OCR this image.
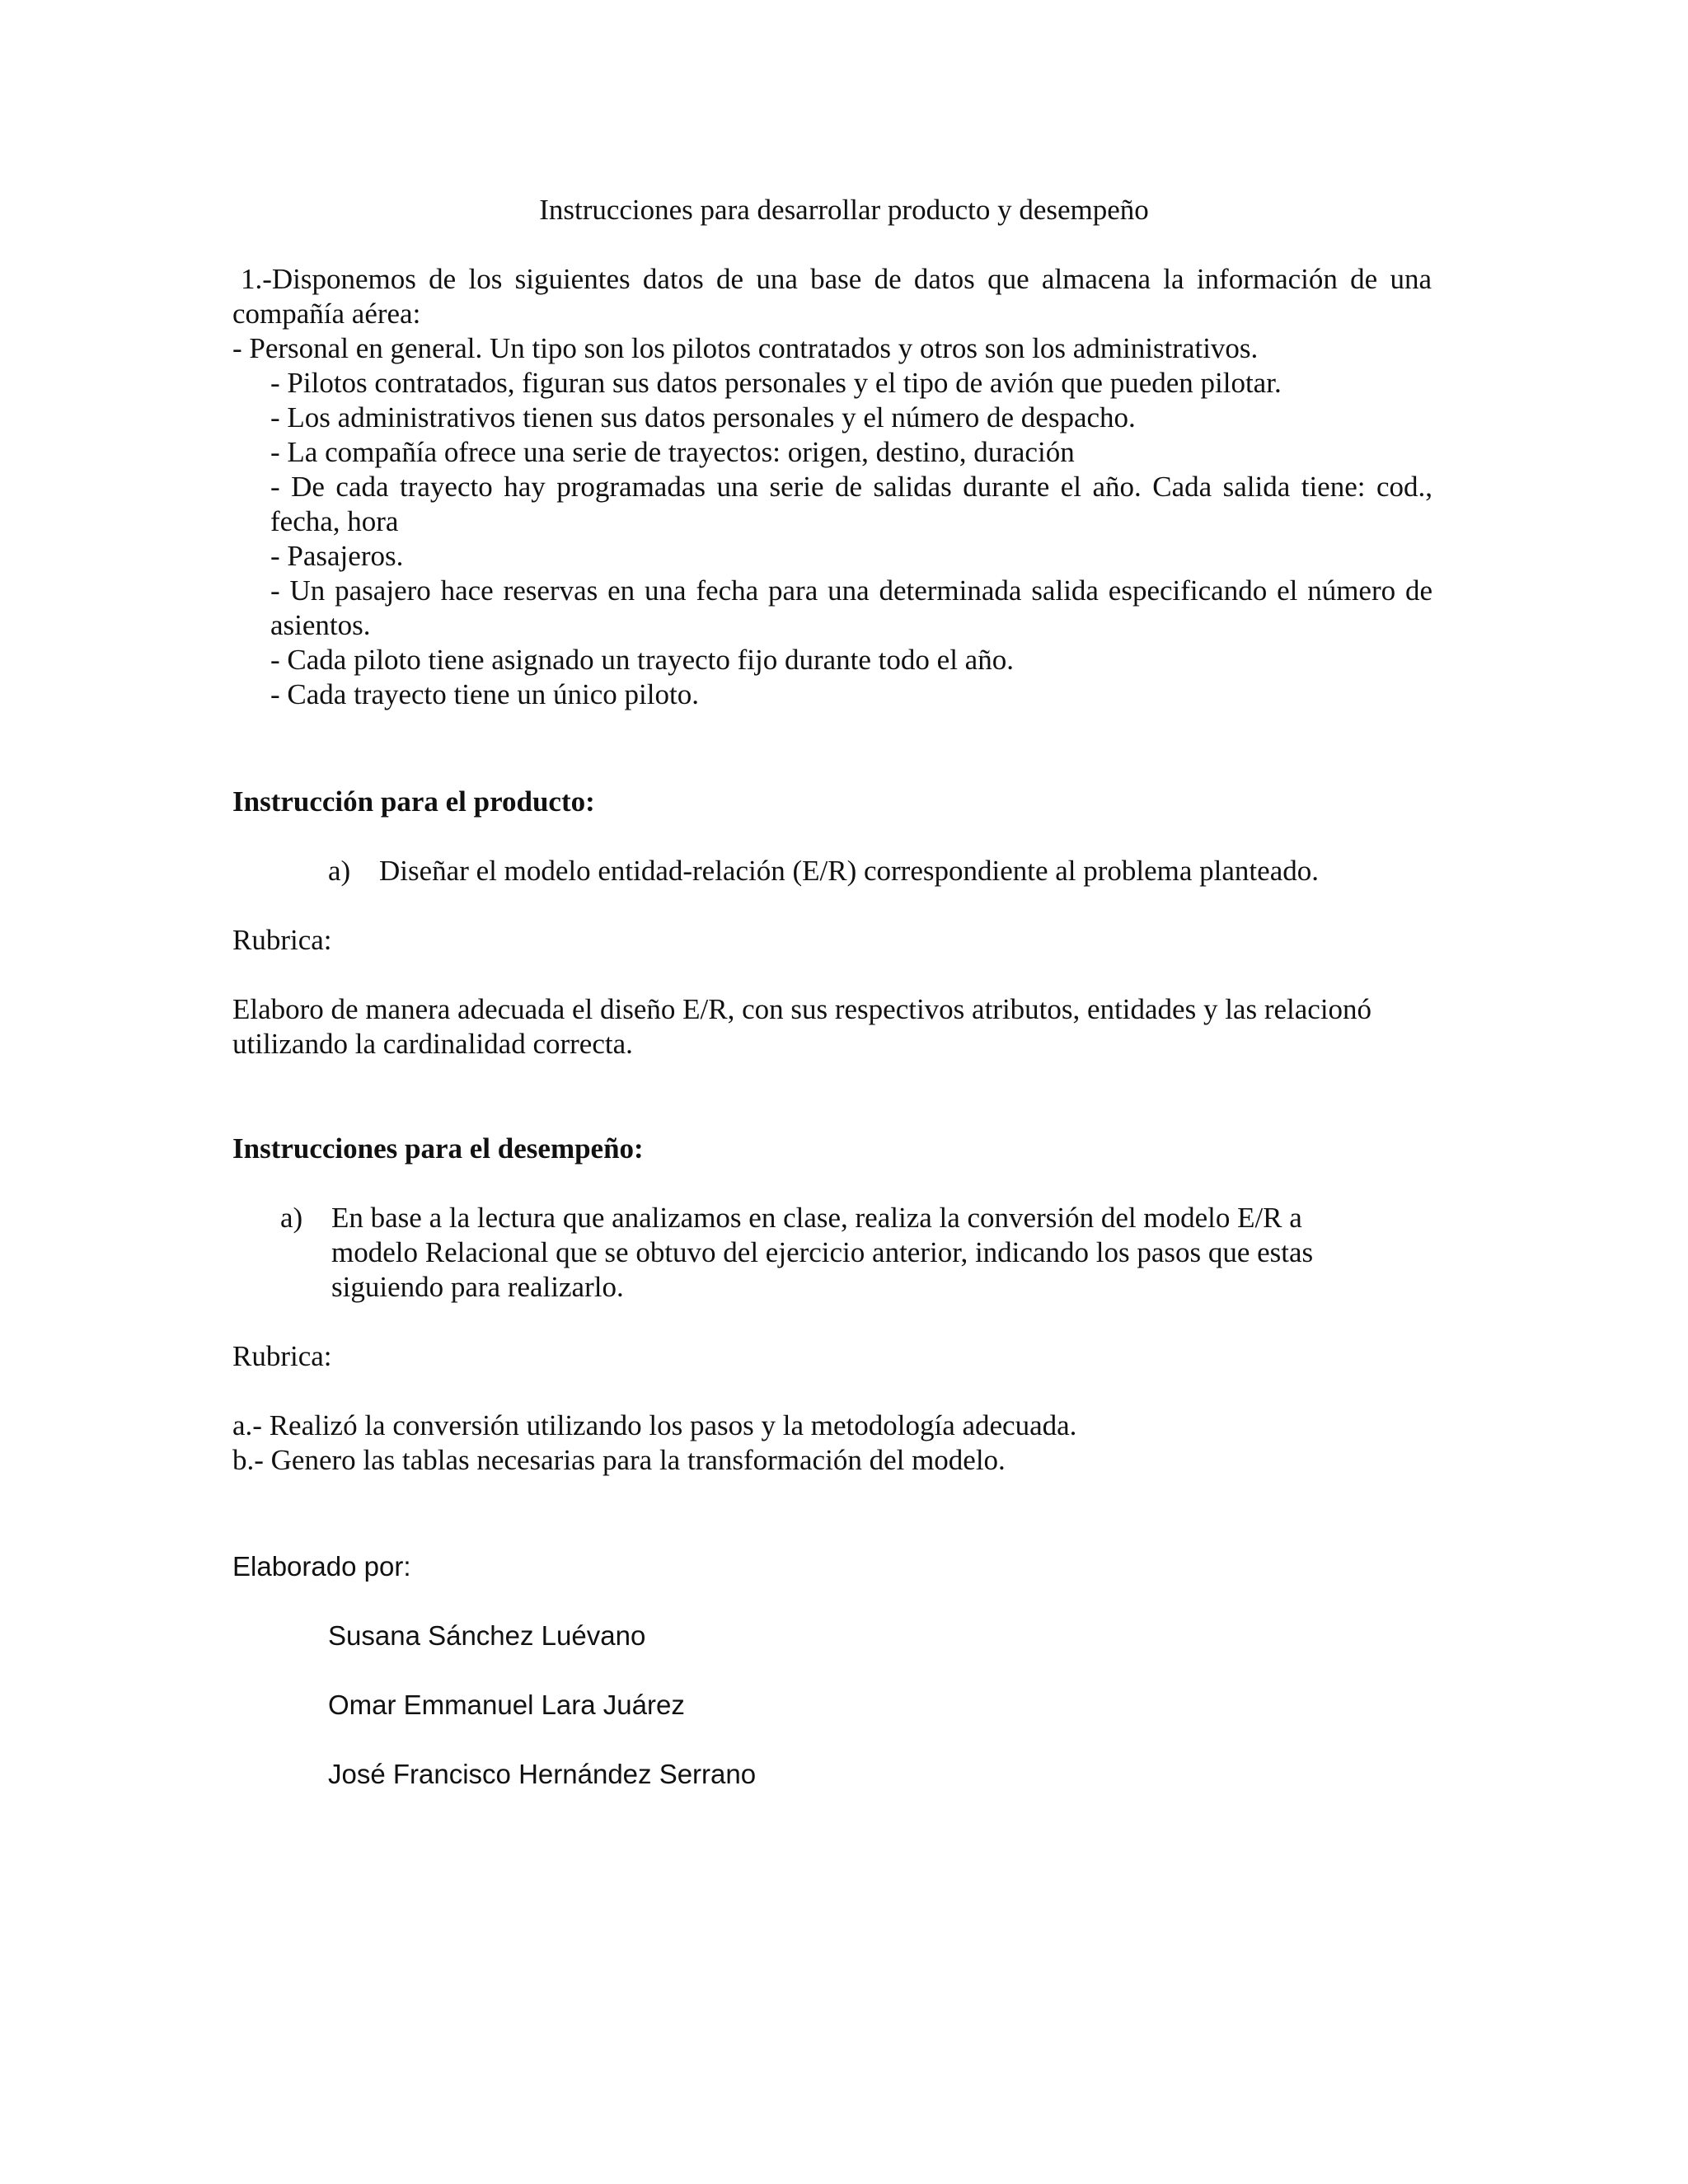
Instrucciones para desarrollar producto y desempeño
1.-Disponemos de los siguientes datos de una base de datos que almacena la información de una compañía aérea:
- Personal en general. Un tipo son los pilotos contratados y otros son los administrativos.
- Pilotos contratados, figuran sus datos personales y el tipo de avión que pueden pilotar.
- Los administrativos tienen sus datos personales y el número de despacho.
- La compañía ofrece una serie de trayectos: origen, destino, duración
- De cada trayecto hay programadas una serie de salidas durante el año. Cada salida tiene: cod., fecha, hora
- Pasajeros.
- Un pasajero hace reservas en una fecha para una determinada salida especificando el número de asientos.
- Cada piloto tiene asignado un trayecto fijo durante todo el año.
- Cada trayecto tiene un único piloto.
Instrucción para el producto:
a) Diseñar el modelo entidad-relación (E/R) correspondiente al problema planteado.
Rubrica:
Elaboro de manera adecuada el diseño E/R, con sus respectivos atributos, entidades y las relacionó utilizando la cardinalidad correcta.
Instrucciones para el desempeño:
a) En base a la lectura que analizamos en clase, realiza la conversión del modelo E/R a modelo Relacional que se obtuvo del ejercicio anterior, indicando los pasos que estas siguiendo para realizarlo.
Rubrica:
a.- Realizó la conversión utilizando los pasos y la metodología adecuada.
b.- Genero las tablas necesarias para la transformación del modelo.
Elaborado por:
Susana Sánchez Luévano
Omar Emmanuel Lara Juárez
José Francisco Hernández Serrano
